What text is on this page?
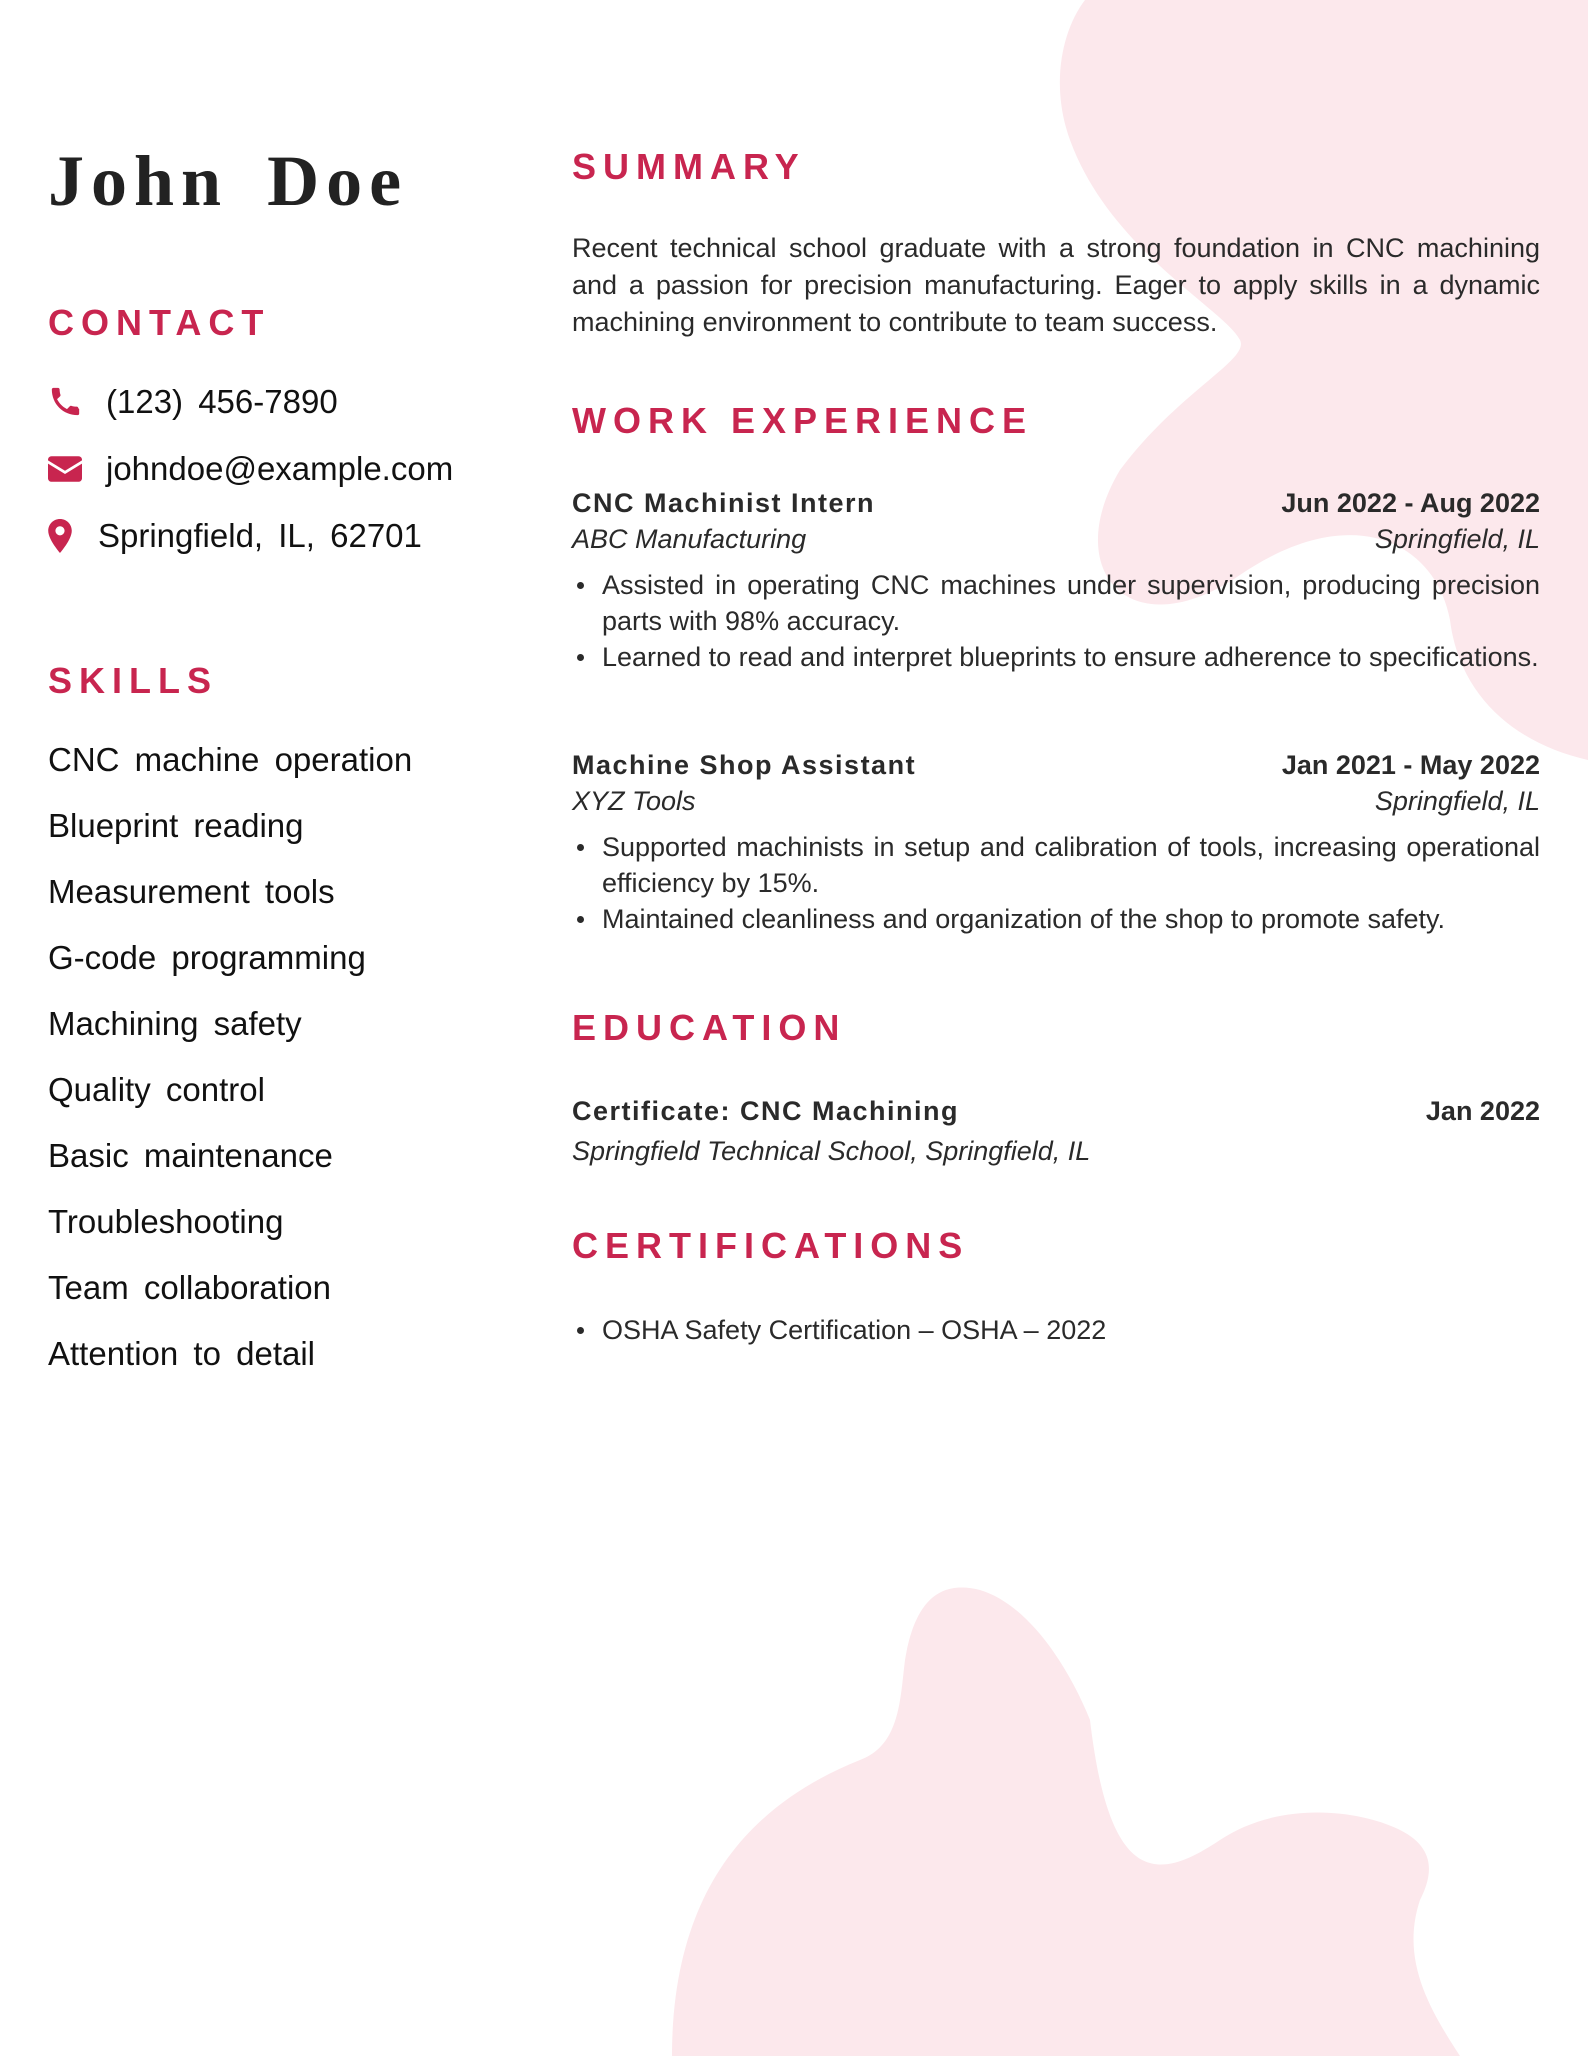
John Doe
CONTACT
(123) 456-7890
johndoe@example.com
Springfield, IL, 62701
SKILLS
CNC machine operation
Blueprint reading
Measurement tools
G-code programming
Machining safety
Quality control
Basic maintenance
Troubleshooting
Team collaboration
Attention to detail
SUMMARY

Recent technical school graduate with a strong foundation in CNC machining and a passion for precision manufacturing. Eager to apply skills in a dynamic machining environment to contribute to team success.

WORK EXPERIENCE
CNC Machinist Intern	Jun 2022 - Aug 2022
ABC Manufacturing	Springfield, IL
Assisted in operating CNC machines under supervision, producing precision parts with 98% accuracy.
Learned to read and interpret blueprints to ensure adherence to specifications.
Machine Shop Assistant	Jan 2021 - May 2022
XYZ Tools	Springfield, IL
Supported machinists in setup and calibration of tools, increasing operational efficiency by 15%.
Maintained cleanliness and organization of the shop to promote safety.
EDUCATION
Certificate: CNC Machining	Jan 2022
Springfield Technical School, Springfield, IL
CERTIFICATIONS
OSHA Safety Certification – OSHA – 2022
